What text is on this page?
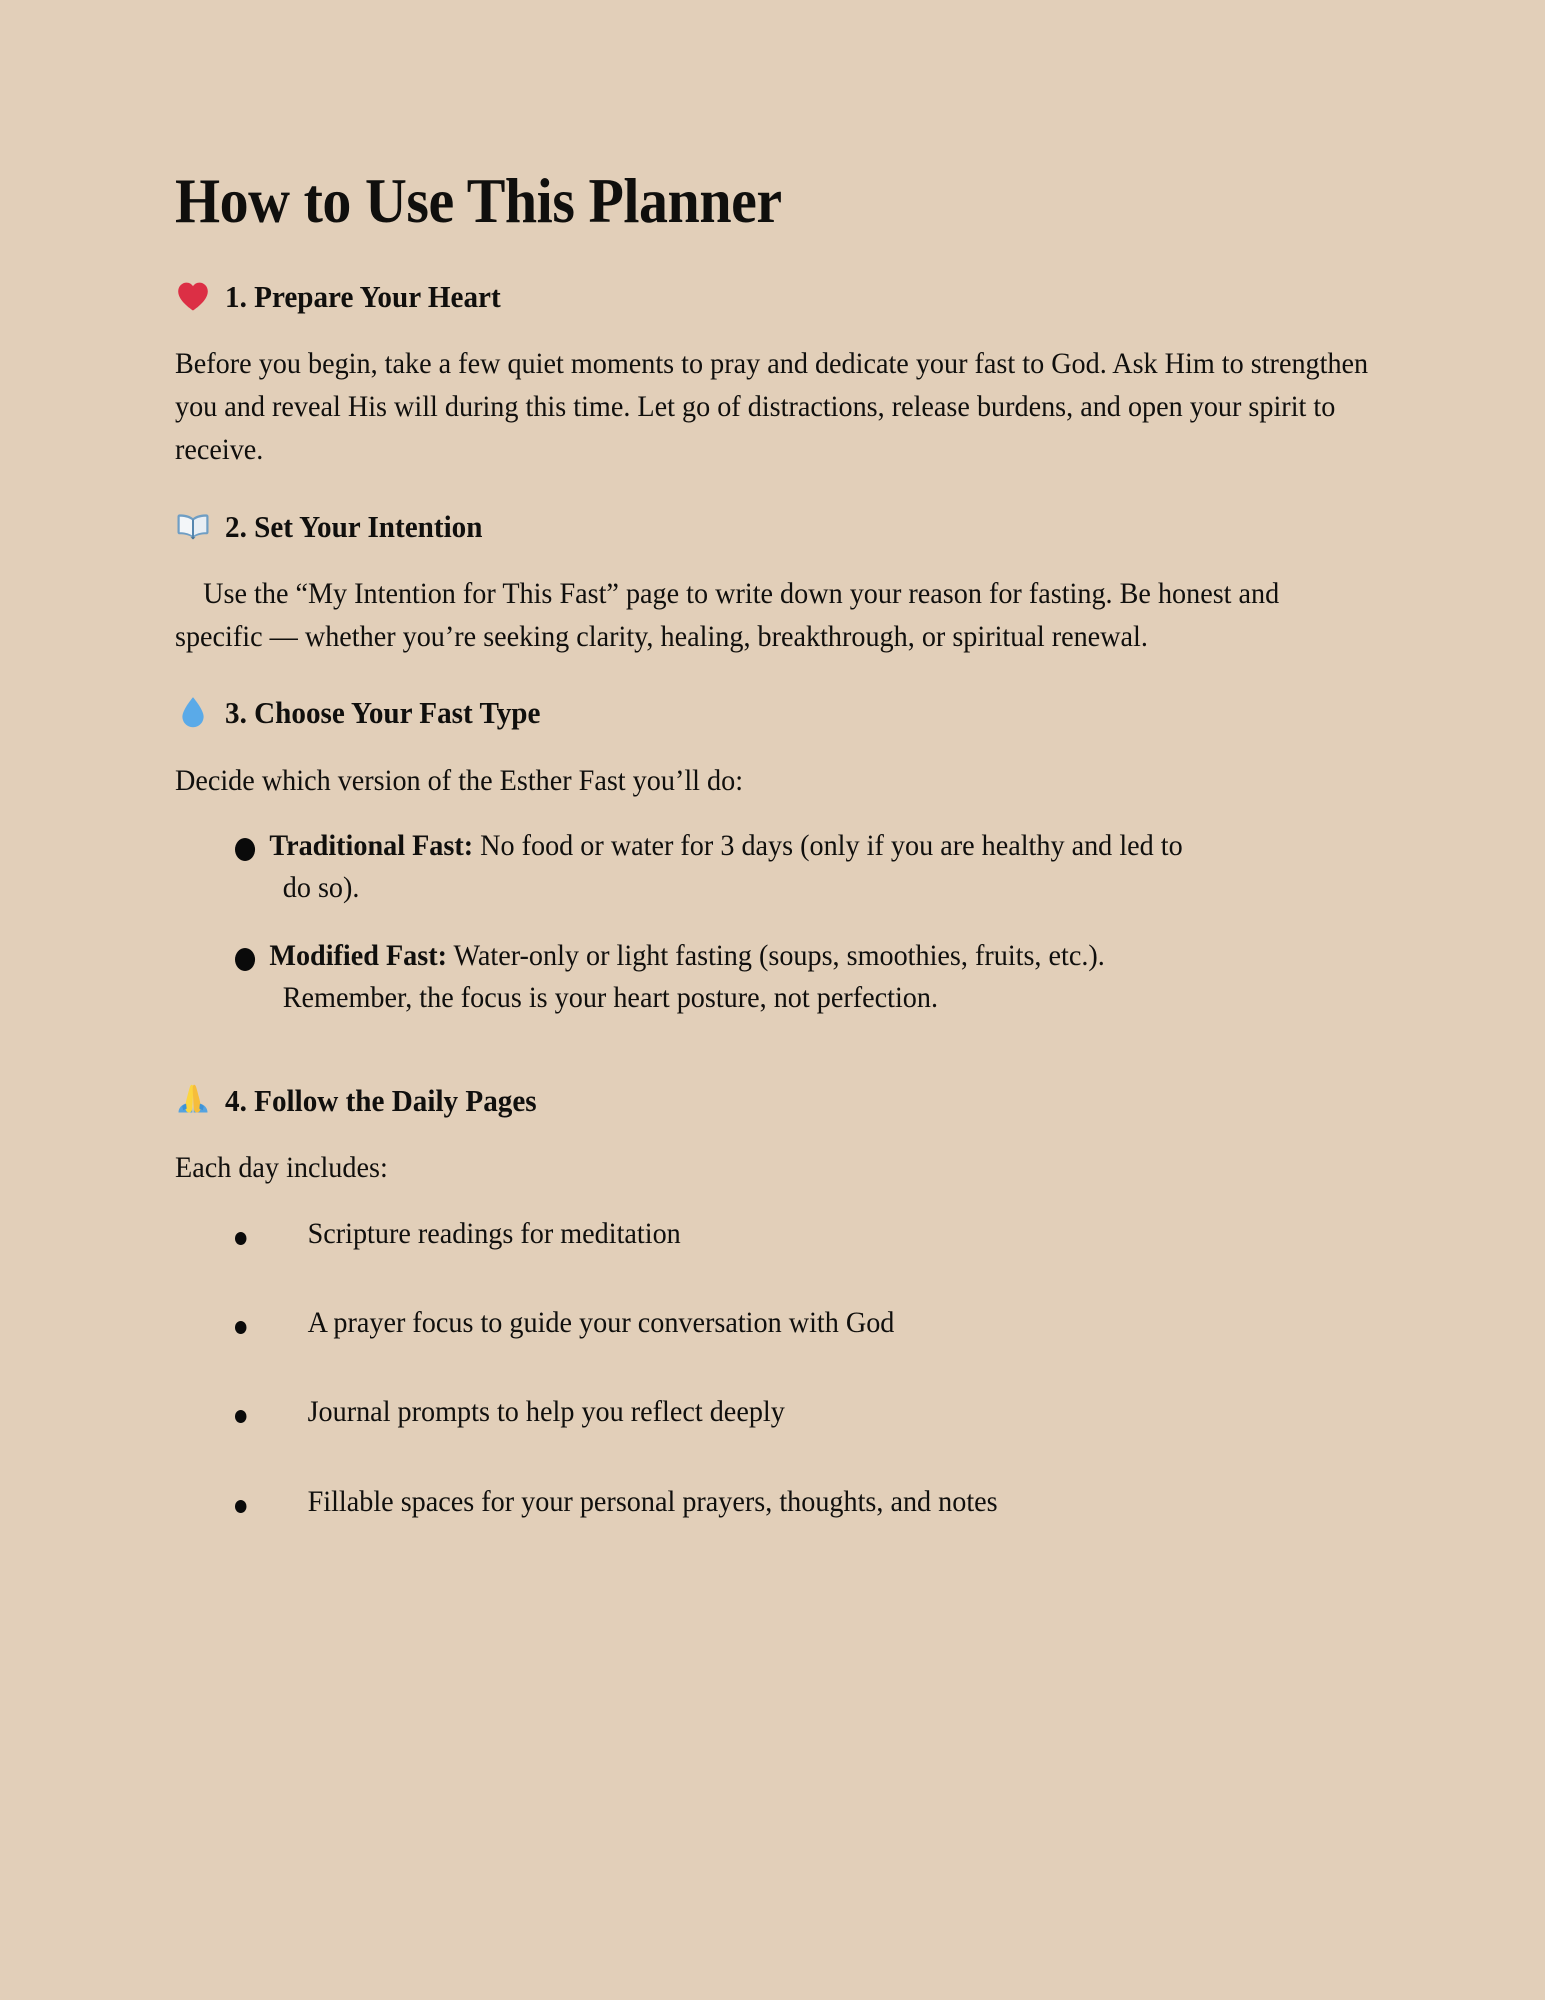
How to Use This Planner
1. Prepare Your Heart

Before you begin, take a few quiet moments to pray and dedicate your fast to God. Ask Him to strengthen you and reveal His will during this time. Let go of distractions, release burdens, and open your spirit to receive.

2. Set Your Intention

Use the “My Intention for This Fast” page to write down your reason for fasting. Be honest and specific — whether you’re seeking clarity, healing, breakthrough, or spiritual renewal.

3. Choose Your Fast Type

Decide which version of the Esther Fast you’ll do:

Traditional Fast: No food or water for 3 days (only if you are healthy and led to
do so).
Modified Fast: Water-only or light fasting (soups, smoothies, fruits, etc.).
Remember, the focus is your heart posture, not perfection.
4. Follow the Daily Pages

Each day includes:

Scripture readings for meditation
A prayer focus to guide your conversation with God
Journal prompts to help you reflect deeply
Fillable spaces for your personal prayers, thoughts, and notes
